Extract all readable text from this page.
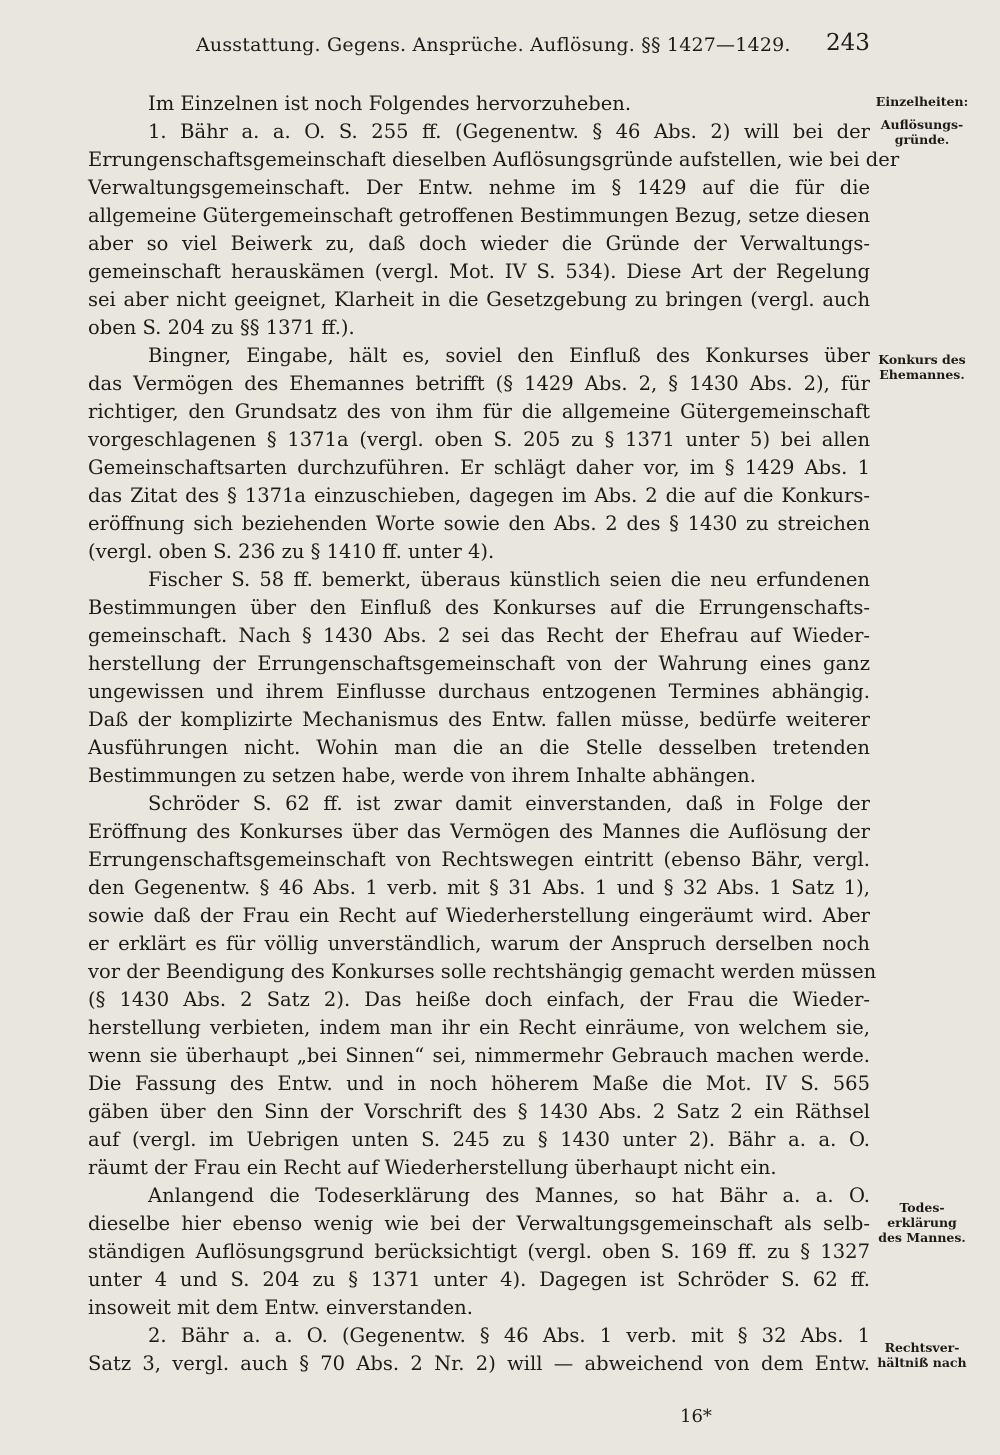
Ausstattung. Gegens. Ansprüche. Auflösung. §§ 1427—1429. 243
Im Einzelnen ist noch Folgendes hervorzuheben.
1. Bähr a. a. O. S. 255 ff. (Gegenentw. § 46 Abs. 2) will bei der
Errungenschaftsgemeinschaft dieselben Auflösungsgründe aufstellen, wie bei der
Verwaltungsgemeinschaft. Der Entw. nehme im § 1429 auf die für die
allgemeine Gütergemeinschaft getroffenen Bestimmungen Bezug, setze diesen
aber so viel Beiwerk zu, daß doch wieder die Gründe der Verwaltungs-
gemeinschaft herauskämen (vergl. Mot. IV S. 534). Diese Art der Regelung
sei aber nicht geeignet, Klarheit in die Gesetzgebung zu bringen (vergl. auch
oben S. 204 zu §§ 1371 ff.).
Bingner, Eingabe, hält es, soviel den Einfluß des Konkurses über
das Vermögen des Ehemannes betrifft (§ 1429 Abs. 2, § 1430 Abs. 2), für
richtiger, den Grundsatz des von ihm für die allgemeine Gütergemeinschaft
vorgeschlagenen § 1371a (vergl. oben S. 205 zu § 1371 unter 5) bei allen
Gemeinschaftsarten durchzuführen. Er schlägt daher vor, im § 1429 Abs. 1
das Zitat des § 1371a einzuschieben, dagegen im Abs. 2 die auf die Konkurs-
eröffnung sich beziehenden Worte sowie den Abs. 2 des § 1430 zu streichen
(vergl. oben S. 236 zu § 1410 ff. unter 4).
Fischer S. 58 ff. bemerkt, überaus künstlich seien die neu erfundenen
Bestimmungen über den Einfluß des Konkurses auf die Errungenschafts-
gemeinschaft. Nach § 1430 Abs. 2 sei das Recht der Ehefrau auf Wieder-
herstellung der Errungenschaftsgemeinschaft von der Wahrung eines ganz
ungewissen und ihrem Einflusse durchaus entzogenen Termines abhängig.
Daß der komplizirte Mechanismus des Entw. fallen müsse, bedürfe weiterer
Ausführungen nicht. Wohin man die an die Stelle desselben tretenden
Bestimmungen zu setzen habe, werde von ihrem Inhalte abhängen.
Schröder S. 62 ff. ist zwar damit einverstanden, daß in Folge der
Eröffnung des Konkurses über das Vermögen des Mannes die Auflösung der
Errungenschaftsgemeinschaft von Rechtswegen eintritt (ebenso Bähr, vergl.
den Gegenentw. § 46 Abs. 1 verb. mit § 31 Abs. 1 und § 32 Abs. 1 Satz 1),
sowie daß der Frau ein Recht auf Wiederherstellung eingeräumt wird. Aber
er erklärt es für völlig unverständlich, warum der Anspruch derselben noch
vor der Beendigung des Konkurses solle rechtshängig gemacht werden müssen
(§ 1430 Abs. 2 Satz 2). Das heiße doch einfach, der Frau die Wieder-
herstellung verbieten, indem man ihr ein Recht einräume, von welchem sie,
wenn sie überhaupt „bei Sinnen“ sei, nimmermehr Gebrauch machen werde.
Die Fassung des Entw. und in noch höherem Maße die Mot. IV S. 565
gäben über den Sinn der Vorschrift des § 1430 Abs. 2 Satz 2 ein Räthsel
auf (vergl. im Uebrigen unten S. 245 zu § 1430 unter 2). Bähr a. a. O.
räumt der Frau ein Recht auf Wiederherstellung überhaupt nicht ein.
Anlangend die Todeserklärung des Mannes, so hat Bähr a. a. O.
dieselbe hier ebenso wenig wie bei der Verwaltungsgemeinschaft als selb-
ständigen Auflösungsgrund berücksichtigt (vergl. oben S. 169 ff. zu § 1327
unter 4 und S. 204 zu § 1371 unter 4). Dagegen ist Schröder S. 62 ff.
insoweit mit dem Entw. einverstanden.
2. Bähr a. a. O. (Gegenentw. § 46 Abs. 1 verb. mit § 32 Abs. 1
Satz 3, vergl. auch § 70 Abs. 2 Nr. 2) will — abweichend von dem Entw.
Einzelheiten:
Auflösungs-
gründe.
Konkurs des
Ehemannes.
Todes-
erklärung
des Mannes.
Rechtsver-
hältniß nach
16*
